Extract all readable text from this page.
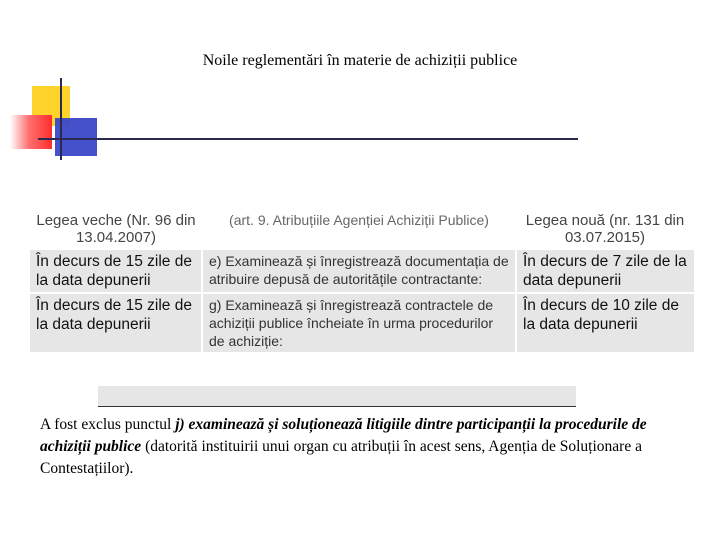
Noile reglementări în materie de achiziții publice
Legea veche (Nr. 96 din 13.04.2007)	(art. 9. Atribuțiile Agenției Achiziții Publice)	Legea nouă (nr. 131 din 03.07.2015)
În decurs de 15 zile de la data depunerii	e) Examinează și înregistrează documentația de atribuire depusă de autoritățile contractante:	În decurs de 7 zile de la data depunerii
În decurs de 15 zile de la data depunerii	g) Examinează și înregistrează contractele de achiziții publice încheiate în urma procedurilor de achiziție:	În decurs de 10 zile de la data depunerii
A fost exclus punctul j) examinează și soluționează litigiile dintre participanții la procedurile de achiziții publice (datorită instituirii unui organ cu atribuții în acest sens, Agenția de Soluționare a Contestațiilor).
